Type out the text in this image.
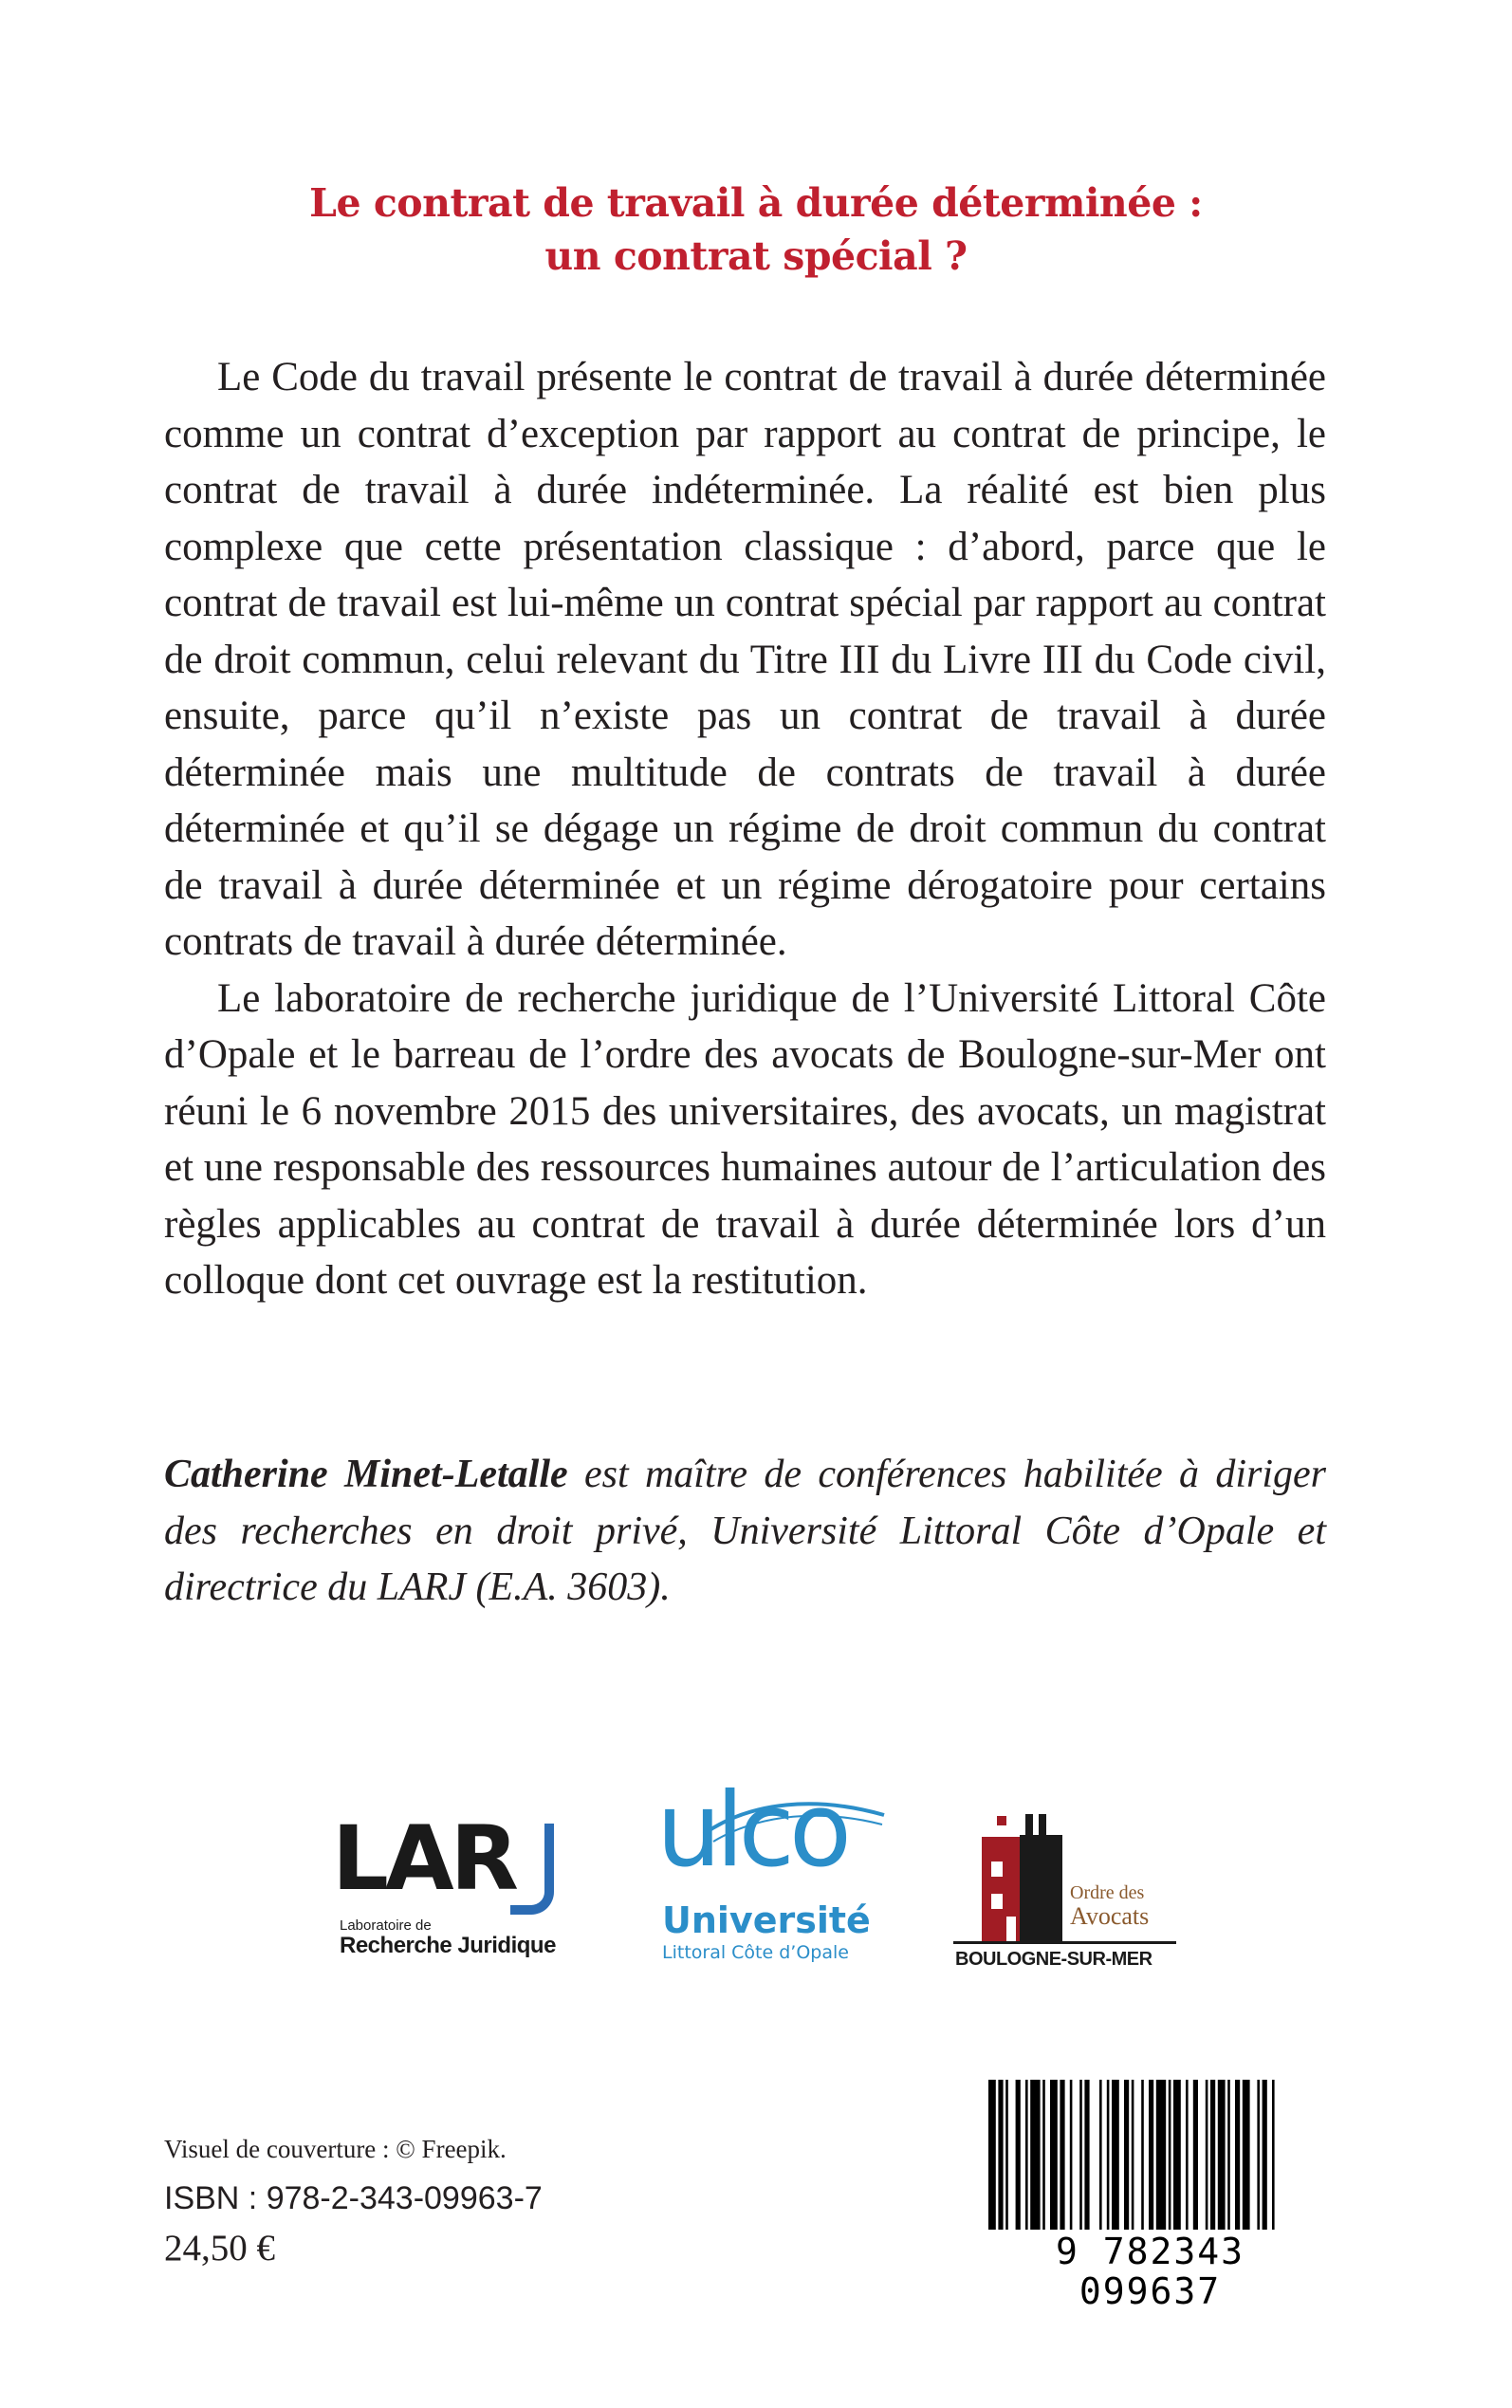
Le contrat de travail à durée déterminée :
un contrat spécial ?

Le Code du travail présente le contrat de travail à durée déterminée comme un contrat d’exception par rapport au contrat de principe, le contrat de travail à durée indéterminée. La réalité est bien plus complexe que cette présentation classique : d’abord, parce que le contrat de travail est lui-même un contrat spécial par rapport au contrat de droit commun, celui relevant du Titre III du Livre III du Code civil, ensuite, parce qu’il n’existe pas un contrat de travail à durée déterminée mais une multitude de contrats de travail à durée déterminée et qu’il se dégage un régime de droit commun du contrat de travail à durée déterminée et un régime dérogatoire pour certains contrats de travail à durée déterminée.

Le laboratoire de recherche juridique de l’Université Littoral Côte d’Opale et le barreau de l’ordre des avocats de Boulogne-sur-Mer ont réuni le 6 novembre 2015 des universitaires, des avocats, un magistrat et une responsable des ressources humaines autour de l’articulation des règles applicables au contrat de travail à durée déterminée lors d’un colloque dont cet ouvrage est la restitution.

Catherine Minet-Letalle est maître de conférences habilitée à diriger des recherches en droit privé, Université Littoral Côte d’Opale et directrice du LARJ (E.A. 3603).
LAR
Laboratoire de
Recherche Juridique
ulco
Université
Littoral Côte d’Opale
Ordre des
Avocats
BOULOGNE-SUR-MER
Visuel de couverture : © Freepik.
ISBN : 978-2-343-09963-7
24,50 €	9 782343 099637
